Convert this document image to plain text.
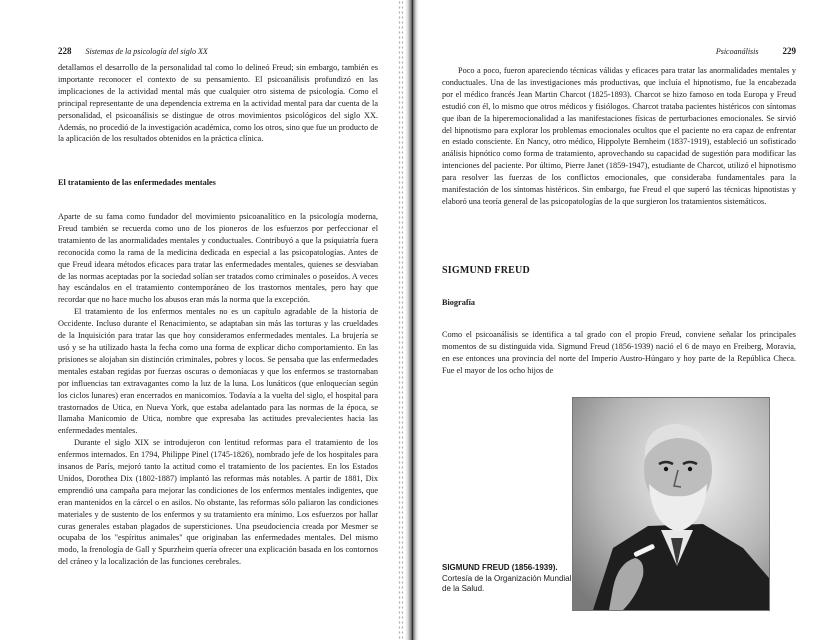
228 Sistemas de la psicología del siglo XX

detallamos el desarrollo de la personalidad tal como lo delineó Freud; sin embargo, también es importante reconocer el contexto de su pensamiento. El psicoanálisis profundizó en las implicaciones de la actividad mental más que cualquier otro sistema de psicología. Como el principal representante de una dependencia extrema en la actividad mental para dar cuenta de la personalidad, el psicoanálisis se distingue de otros movimientos psicológicos del siglo XX. Además, no procedió de la investigación académica, como los otros, sino que fue un producto de la aplicación de los resultados obtenidos en la práctica clínica.

El tratamiento de las enfermedades mentales

Aparte de su fama como fundador del movimiento psicoanalítico en la psicología moderna, Freud también se recuerda como uno de los pioneros de los esfuerzos por perfeccionar el tratamiento de las anormalidades mentales y conductuales. Contribuyó a que la psiquiatría fuera reconocida como la rama de la medicina dedicada en especial a las psicopatologías. Antes de que Freud ideara métodos eficaces para tratar las enfermedades mentales, quienes se desviaban de las normas aceptadas por la sociedad solían ser tratados como criminales o poseídos. A veces hay escándalos en el tratamiento contemporáneo de los trastornos mentales, pero hay que recordar que no hace mucho los abusos eran más la norma que la excepción.

El tratamiento de los enfermos mentales no es un capítulo agradable de la historia de Occidente. Incluso durante el Renacimiento, se adaptaban sin más las torturas y las crueldades de la Inquisición para tratar las que hoy consideramos enfermedades mentales. La brujería se usó y se ha utilizado hasta la fecha como una forma de explicar dicho comportamiento. En las prisiones se alojaban sin distinción criminales, pobres y locos. Se pensaba que las enfermedades mentales estaban regidas por fuerzas oscuras o demoníacas y que los enfermos se trastornaban por influencias tan extravagantes como la luz de la luna. Los lunáticos (que enloquecían según los ciclos lunares) eran encerrados en manicomios. Todavía a la vuelta del siglo, el hospital para trastornados de Utica, en Nueva York, que estaba adelantado para las normas de la época, se llamaba Manicomio de Utica, nombre que expresaba las actitudes prevalecientes hacia las enfermedades mentales.

Durante el siglo XIX se introdujeron con lentitud reformas para el tratamiento de los enfermos internados. En 1794, Philippe Pinel (1745-1826), nombrado jefe de los hospitales para insanos de París, mejoró tanto la actitud como el tratamiento de los pacientes. En los Estados Unidos, Dorothea Dix (1802-1887) implantó las reformas más notables. A partir de 1881, Dix emprendió una campaña para mejorar las condiciones de los enfermos mentales indigentes, que eran mantenidos en la cárcel o en asilos. No obstante, las reformas sólo paliaron las condiciones materiales y de sustento de los enfermos y su tratamiento era mínimo. Los esfuerzos por hallar curas generales estaban plagados de supersticiones. Una pseudociencia creada por Mesmer se ocupaba de los "espíritus animales" que originaban las enfermedades mentales. Del mismo modo, la frenología de Gall y Spurzheim quería ofrecer una explicación basada en los contornos del cráneo y la localización de las funciones cerebrales.

Psicoanálisis	229

Poco a poco, fueron apareciendo técnicas válidas y eficaces para tratar las anormalidades mentales y conductuales. Una de las investigaciones más productivas, que incluía el hipnotismo, fue la encabezada por el médico francés Jean Martin Charcot (1825-1893). Charcot se hizo famoso en toda Europa y Freud estudió con él, lo mismo que otros médicos y fisiólogos. Charcot trataba pacientes histéricos con síntomas que iban de la hiperemocionalidad a las manifestaciones físicas de perturbaciones emocionales. Se sirvió del hipnotismo para explorar los problemas emocionales ocultos que el paciente no era capaz de enfrentar en estado consciente. En Nancy, otro médico, Hippolyte Bernheim (1837-1919), estableció un sofisticado análisis hipnótico como forma de tratamiento, aprovechando su capacidad de sugestión para modificar las intenciones del paciente. Por último, Pierre Janet (1859-1947), estudiante de Charcot, utilizó el hipnotismo para resolver las fuerzas de los conflictos emocionales, que consideraba fundamentales para la manifestación de los síntomas histéricos. Sin embargo, fue Freud el que superó las técnicas hipnotistas y elaboró una teoría general de las psicopatologías de la que surgieron los tratamientos sistemáticos.

SIGMUND FREUD
Biografía

Como el psicoanálisis se identifica a tal grado con el propio Freud, conviene señalar los principales momentos de su distinguida vida. Sigmund Freud (1856-1939) nació el 6 de mayo en Freiberg, Moravia, en ese entonces una provincia del norte del Imperio Austro-Húngaro y hoy parte de la República Checa. Fue el mayor de los ocho hijos de

SIGMUND FREUD (1856-1939).
Cortesía de la Organización Mundial de la Salud.
